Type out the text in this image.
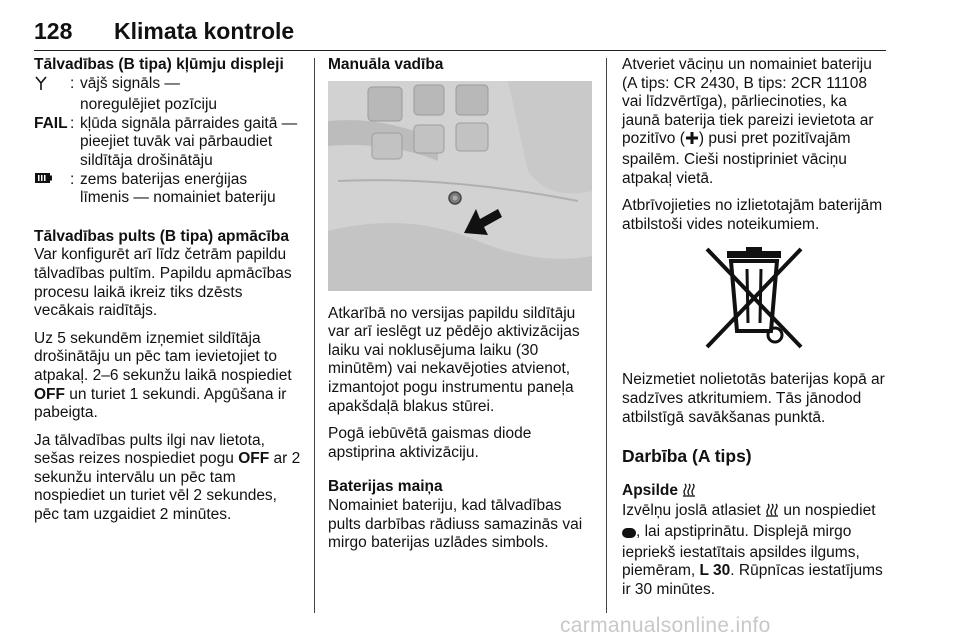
128 Klimata kontrole

Tālvadības (B tipa) kļūmju displeji

: vājš signāls —

noregulējiet pozīciju

FAIL : kļūda signāla pārraides gaitā —

pieejiet tuvāk vai pārbaudiet sildītāja drošinātāju

: zems baterijas enerģijas

līmenis — nomainiet bateriju

Tālvadības pults (B tipa) apmācība

Var konfigurēt arī līdz četrām papildu tālvadības pultīm. Papildu apmācības procesu laikā ikreiz tiks dzēsts vecākais raidītājs.

Uz 5 sekundēm izņemiet sildītāja drošinātāju un pēc tam ievietojiet to atpakaļ. 2–6 sekunžu laikā nospiediet OFF un turiet 1 sekundi. Apgūšana ir pabeigta.

Ja tālvadības pults ilgi nav lietota, sešas reizes nospiediet pogu OFF ar 2 sekunžu intervālu un pēc tam nospiediet un turiet vēl 2 sekundes, pēc tam uzgaidiet 2 minūtes.

Manuāla vadība

Atkarībā no versijas papildu sildītāju var arī ieslēgt uz pēdējo aktivizācijas laiku vai noklusējuma laiku (30 minūtēm) vai nekavējoties atvienot, izmantojot pogu instrumentu paneļa apakšdaļā blakus stūrei.

Pogā iebūvētā gaismas diode apstiprina aktivizāciju.

Baterijas maiņa

Nomainiet bateriju, kad tālvadības pults darbības rādiuss samazinās vai mirgo baterijas uzlādes simbols.

Atveriet vāciņu un nomainiet bateriju (A tips: CR 2430, B tips: 2CR 11108 vai līdzvērtīga), pārliecinoties, ka jaunā baterija tiek pareizi ievietota ar pozitīvo ( ) pusi pret pozitīvajām spailēm. Cieši nostipriniet vāciņu atpakaļ vietā.

Atbrīvojieties no izlietotajām baterijām atbilstoši vides noteikumiem.

Neizmetiet nolietotās baterijas kopā ar sadzīves atkritumiem. Tās jānodod atbilstīgā savākšanas punktā.

Darbība (A tips)

Apsilde

Izvēlņu joslā atlasiet  un nospiediet , lai apstiprinātu. Displejā mirgo iepriekš iestatītais apsildes ilgums, piemēram, L 30. Rūpnīcas iestatījums ir 30 minūtes.

carmanualsonline.info
